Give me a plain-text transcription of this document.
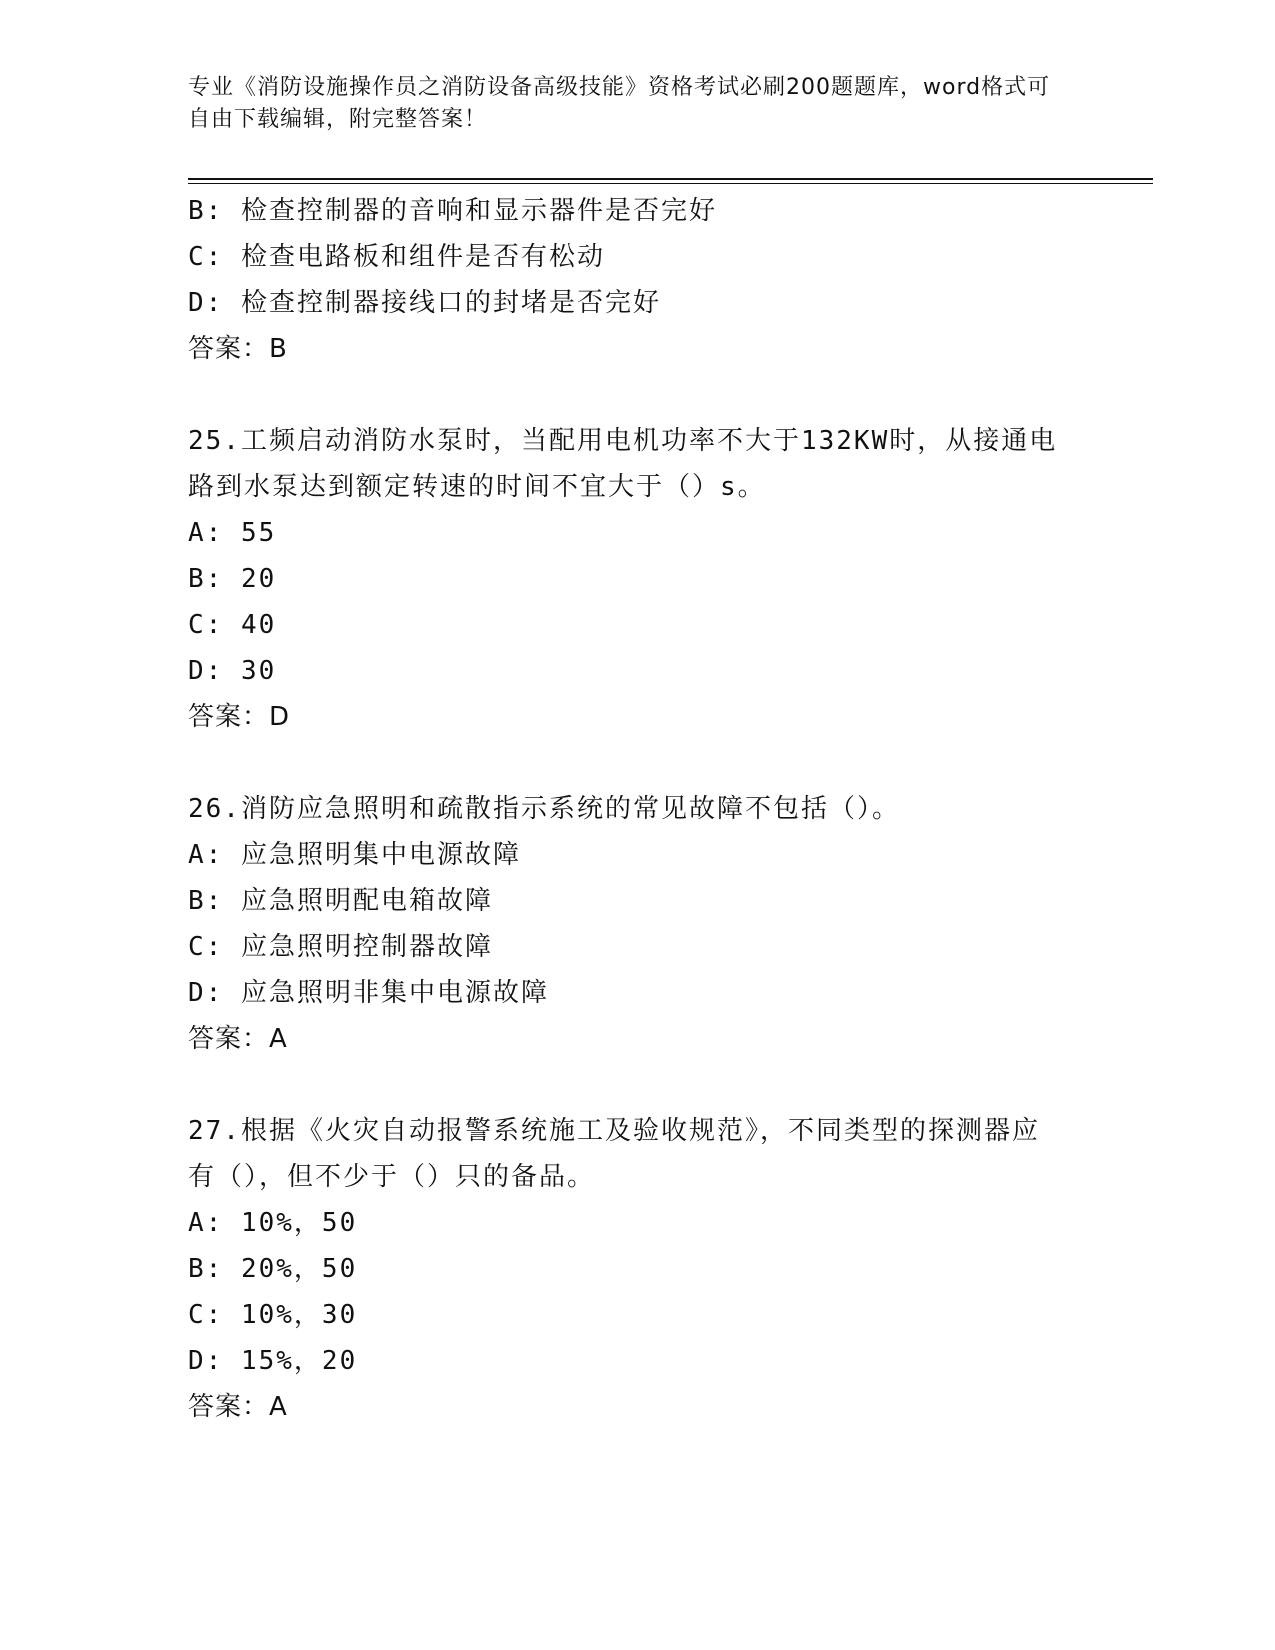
专业《消防设施操作员之消防设备高级技能》资格考试必刷200题题库，word格式可自由下载编辑，附完整答案！
B: 检查控制器的音响和显示器件是否完好
C: 检查电路板和组件是否有松动
D: 检查控制器接线口的封堵是否完好
答案：B
25.工频启动消防水泵时，当配用电机功率不大于132KW时，从接通电
路到水泵达到额定转速的时间不宜大于（）s。
A: 55
B: 20
C: 40
D: 30
答案：D
26.消防应急照明和疏散指示系统的常见故障不包括（）。
A: 应急照明集中电源故障
B: 应急照明配电箱故障
C: 应急照明控制器故障
D: 应急照明非集中电源故障
答案：A
27.根据《火灾自动报警系统施工及验收规范》，不同类型的探测器应
有（），但不少于（）只的备品。
A: 10%，50
B: 20%，50
C: 10%，30
D: 15%，20
答案：A
